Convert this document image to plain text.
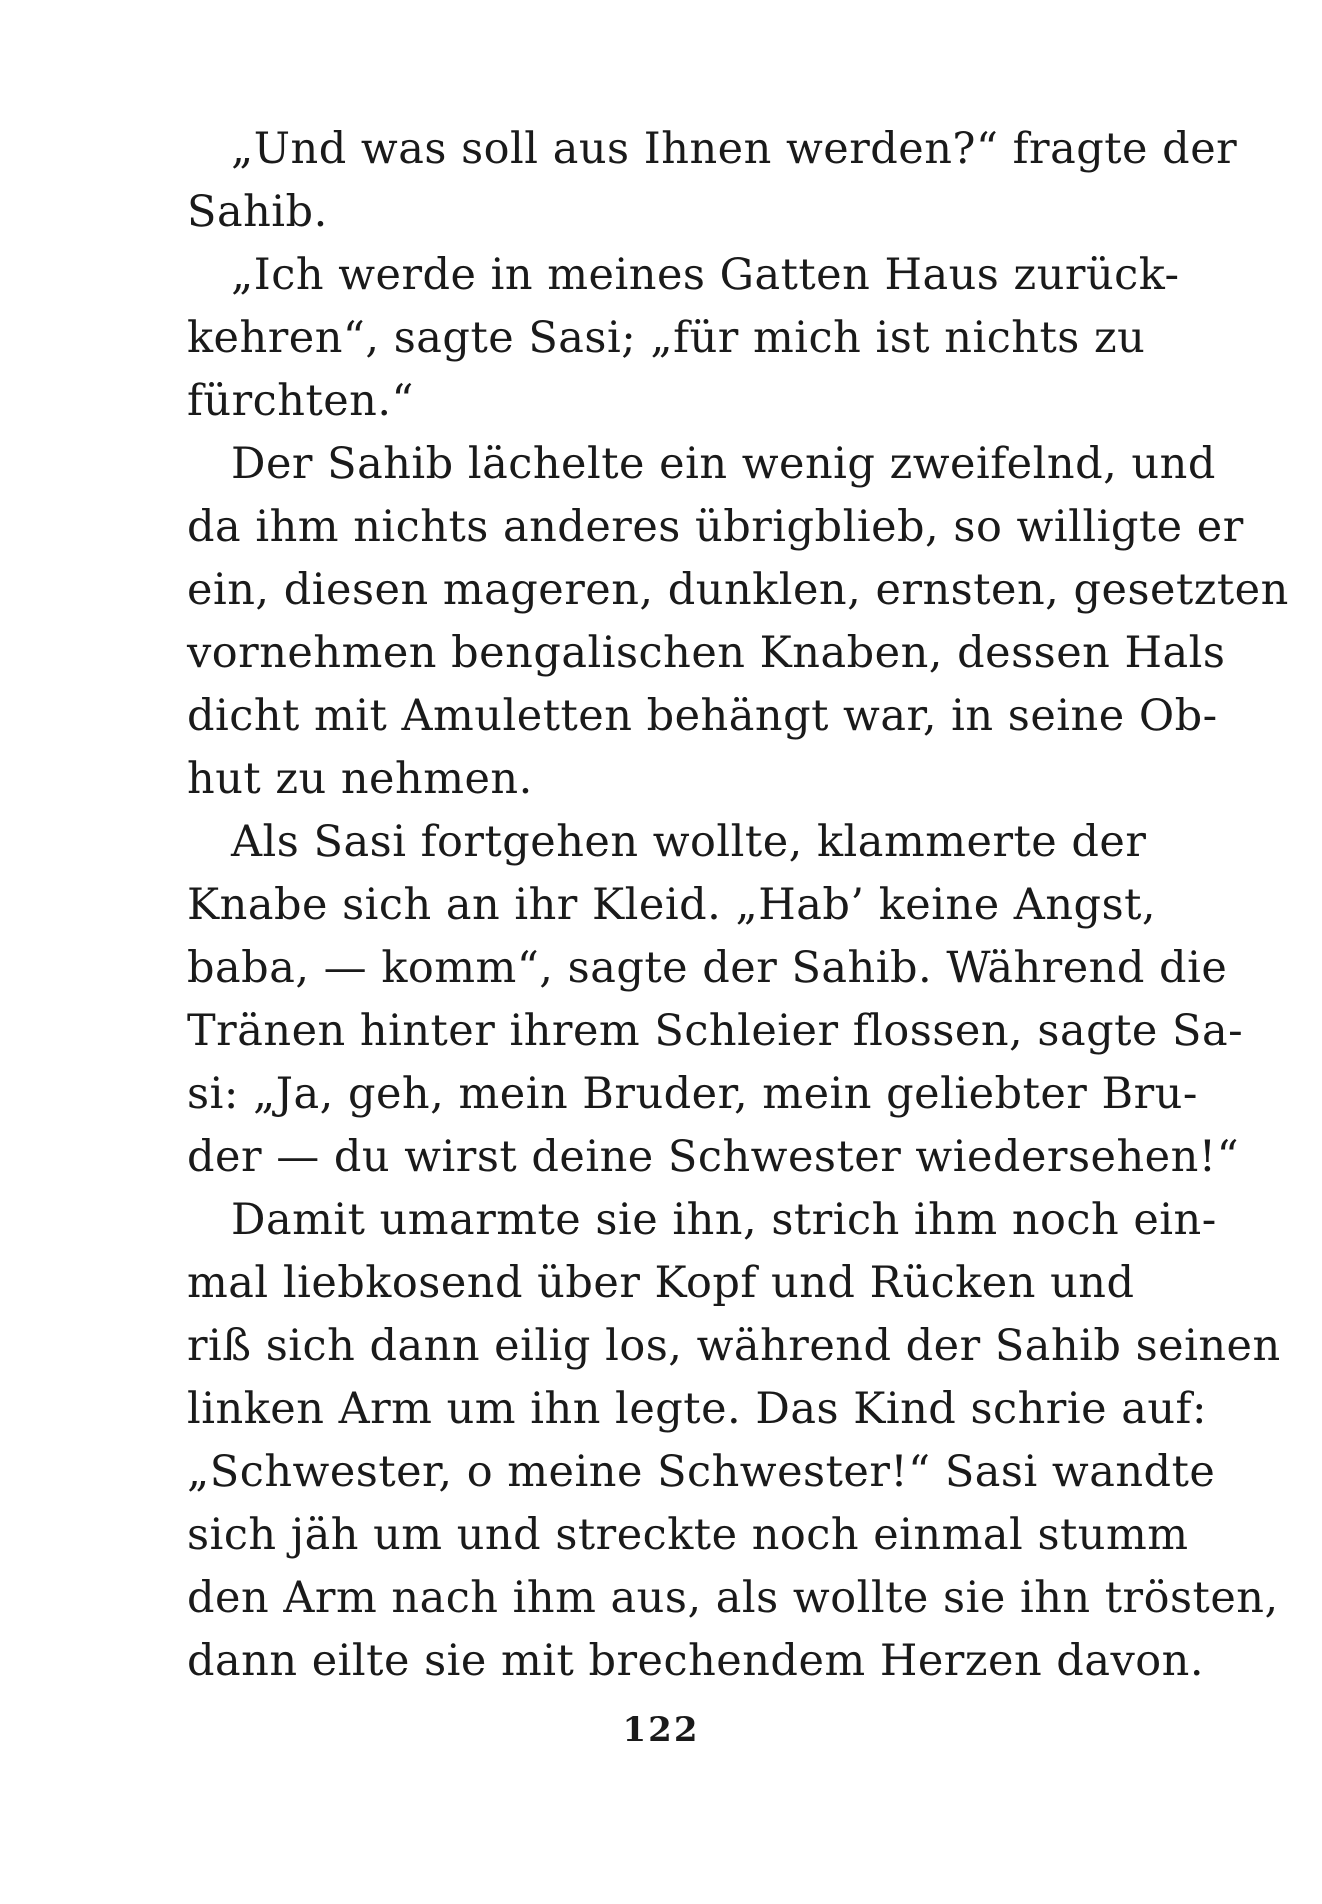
„Und was soll aus Ihnen werden?“ fragte der
Sahib.
„Ich werde in meines Gatten Haus zurück-
kehren“, sagte Sasi; „für mich ist nichts zu
fürchten.“
Der Sahib lächelte ein wenig zweifelnd, und
da ihm nichts anderes übrigblieb, so willigte er
ein, diesen mageren, dunklen, ernsten, gesetzten
vornehmen bengalischen Knaben, dessen Hals
dicht mit Amuletten behängt war, in seine Ob-
hut zu nehmen.
Als Sasi fortgehen wollte, klammerte der
Knabe sich an ihr Kleid. „Hab’ keine Angst,
baba, — komm“, sagte der Sahib. Während die
Tränen hinter ihrem Schleier flossen, sagte Sa-
si: „Ja, geh, mein Bruder, mein geliebter Bru-
der — du wirst deine Schwester wiedersehen!“
Damit umarmte sie ihn, strich ihm noch ein-
mal liebkosend über Kopf und Rücken und
riß sich dann eilig los, während der Sahib seinen
linken Arm um ihn legte. Das Kind schrie auf:
„Schwester, o meine Schwester!“ Sasi wandte
sich jäh um und streckte noch einmal stumm
den Arm nach ihm aus, als wollte sie ihn trösten,
dann eilte sie mit brechendem Herzen davon.
122
